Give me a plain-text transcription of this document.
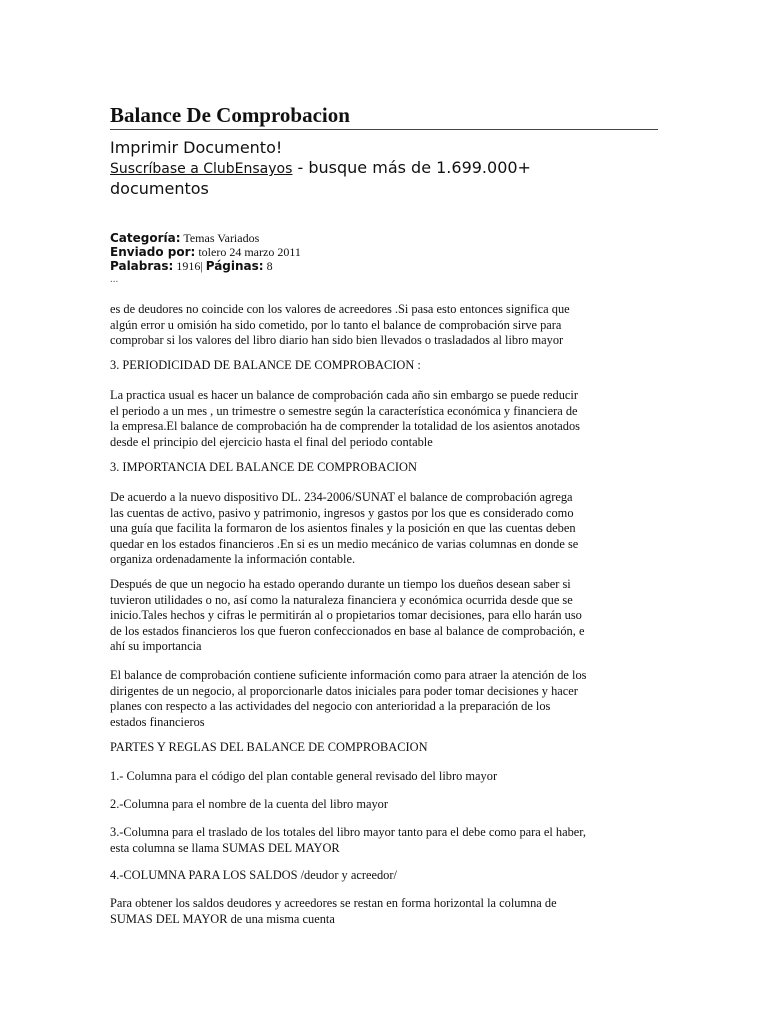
Balance De Comprobacion
Imprimir Documento!
Suscríbase a ClubEnsayos - busque más de 1.699.000+
documentos
Categoría: Temas Variados
Enviado por: tolero 24 marzo 2011
Palabras: 1916| Páginas: 8
...
es de deudores no coincide con los valores de acreedores .Si pasa esto entonces significa que
algún error u omisión ha sido cometido, por lo tanto el balance de comprobación sirve para
comprobar si los valores del libro diario han sido bien llevados o trasladados al libro mayor
3. PERIODICIDAD DE BALANCE DE COMPROBACION :
La practica usual es hacer un balance de comprobación cada año sin embargo se puede reducir
el periodo a un mes , un trimestre o semestre según la característica económica y financiera de
la empresa.El balance de comprobación ha de comprender la totalidad de los asientos anotados
desde el principio del ejercicio hasta el final del periodo contable
3. IMPORTANCIA DEL BALANCE DE COMPROBACION
De acuerdo a la nuevo dispositivo DL. 234-2006/SUNAT el balance de comprobación agrega
las cuentas de activo, pasivo y patrimonio, ingresos y gastos por los que es considerado como
una guía que facilita la formaron de los asientos finales y la posición en que las cuentas deben
quedar en los estados financieros .En si es un medio mecánico de varias columnas en donde se
organiza ordenadamente la información contable.
Después de que un negocio ha estado operando durante un tiempo los dueños desean saber si
tuvieron utilidades o no, así como la naturaleza financiera y económica ocurrida desde que se
inicio.Tales hechos y cifras le permitirán al o propietarios tomar decisiones, para ello harán uso
de los estados financieros los que fueron confeccionados en base al balance de comprobación, e
ahí su importancia
El balance de comprobación contiene suficiente información como para atraer la atención de los
dirigentes de un negocio, al proporcionarle datos iniciales para poder tomar decisiones y hacer
planes con respecto a las actividades del negocio con anterioridad a la preparación de los
estados financieros
PARTES Y REGLAS DEL BALANCE DE COMPROBACION
1.- Columna para el código del plan contable general revisado del libro mayor
2.-Columna para el nombre de la cuenta del libro mayor
3.-Columna para el traslado de los totales del libro mayor tanto para el debe como para el haber,
esta columna se llama SUMAS DEL MAYOR
4.-COLUMNA PARA LOS SALDOS /deudor y acreedor/
Para obtener los saldos deudores y acreedores se restan en forma horizontal la columna de
SUMAS DEL MAYOR de una misma cuenta
